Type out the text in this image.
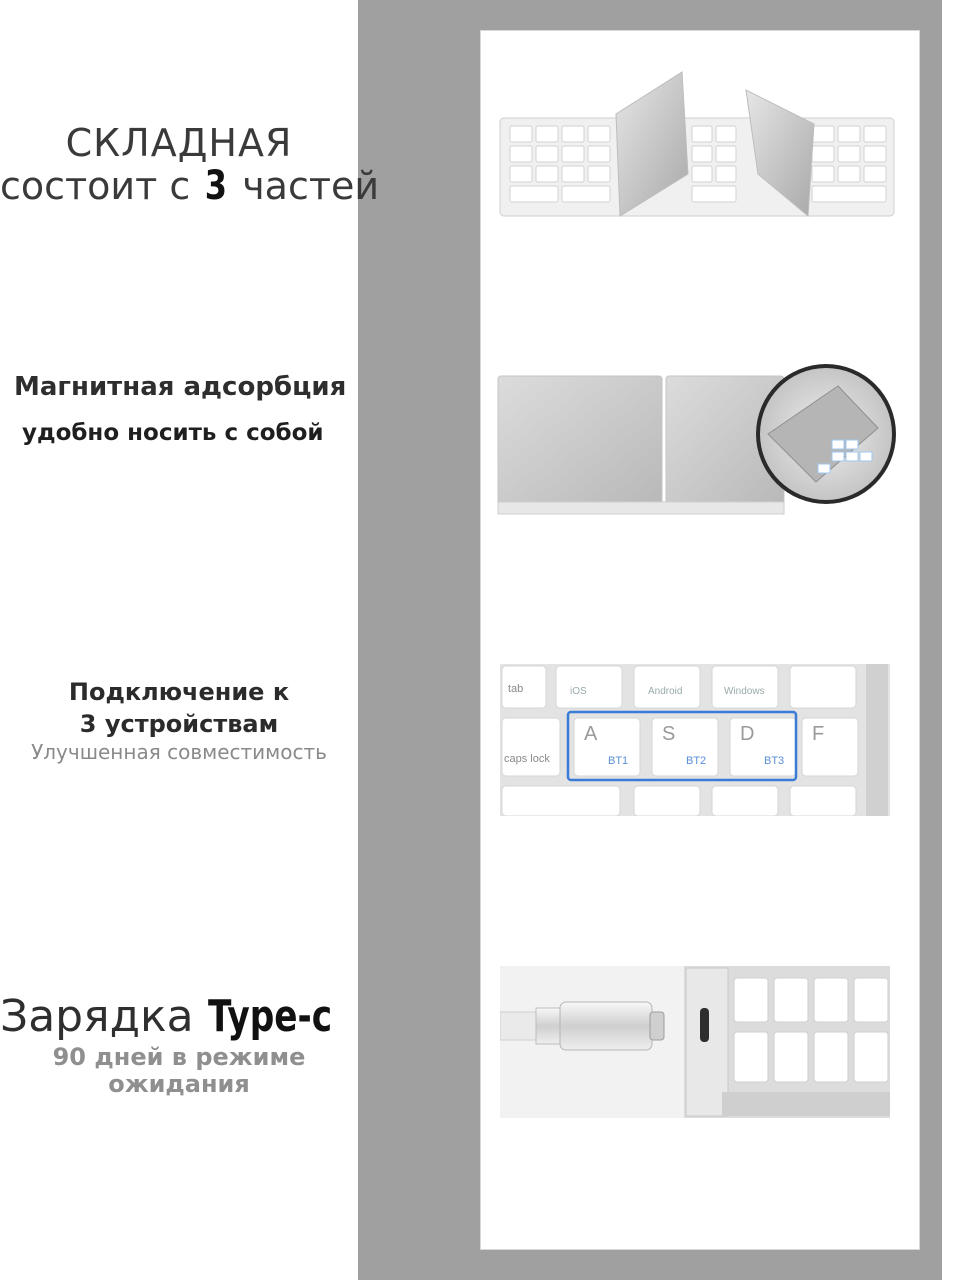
СКЛАДНАЯ
состоит с 3 частей
Магнитная адсорбция
удобно носить с собой
Подключение к
3 устройствам
Улучшенная совместимость
Зарядка Type-c
90 дней в режиме
ожидания
tab	iOS	Android	Windows
caps lock
A
BT1
S
BT2
D
BT3
F
